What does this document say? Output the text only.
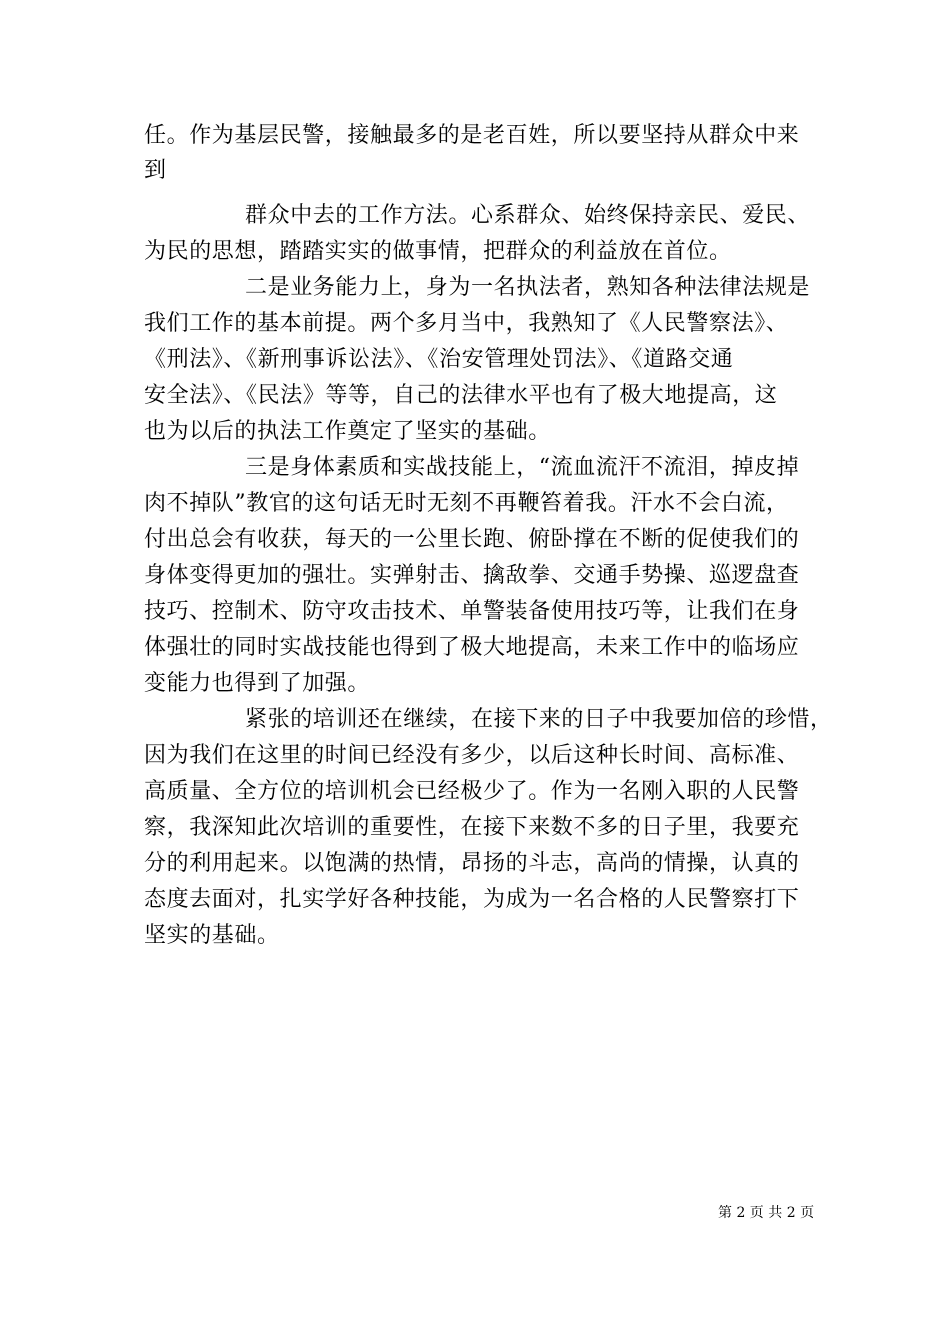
任。作为基层民警，接触最多的是老百姓，所以要坚持从群众中来
到
群众中去的工作方法。心系群众、始终保持亲民、爱民、
为民的思想，踏踏实实的做事情，把群众的利益放在首位。
二是业务能力上，身为一名执法者，熟知各种法律法规是
我们工作的基本前提。两个多月当中，我熟知了《人民警察法》、
《刑法》、《新刑事诉讼法》、《治安管理处罚法》、《道路交通
安全法》、《民法》等等，自己的法律水平也有了极大地提高，这
也为以后的执法工作奠定了坚实的基础。
三是身体素质和实战技能上，“流血流汗不流泪，掉皮掉
肉不掉队”教官的这句话无时无刻不再鞭笞着我。汗水不会白流，
付出总会有收获，每天的一公里长跑、俯卧撑在不断的促使我们的
身体变得更加的强壮。实弹射击、擒敌拳、交通手势操、巡逻盘查
技巧、控制术、防守攻击技术、单警装备使用技巧等，让我们在身
体强壮的同时实战技能也得到了极大地提高，未来工作中的临场应
变能力也得到了加强。
紧张的培训还在继续，在接下来的日子中我要加倍的珍惜，
因为我们在这里的时间已经没有多少，以后这种长时间、高标准、
高质量、全方位的培训机会已经极少了。作为一名刚入职的人民警
察，我深知此次培训的重要性，在接下来数不多的日子里，我要充
分的利用起来。以饱满的热情，昂扬的斗志，高尚的情操，认真的
态度去面对，扎实学好各种技能，为成为一名合格的人民警察打下
坚实的基础。
第 2 页 共 2 页
